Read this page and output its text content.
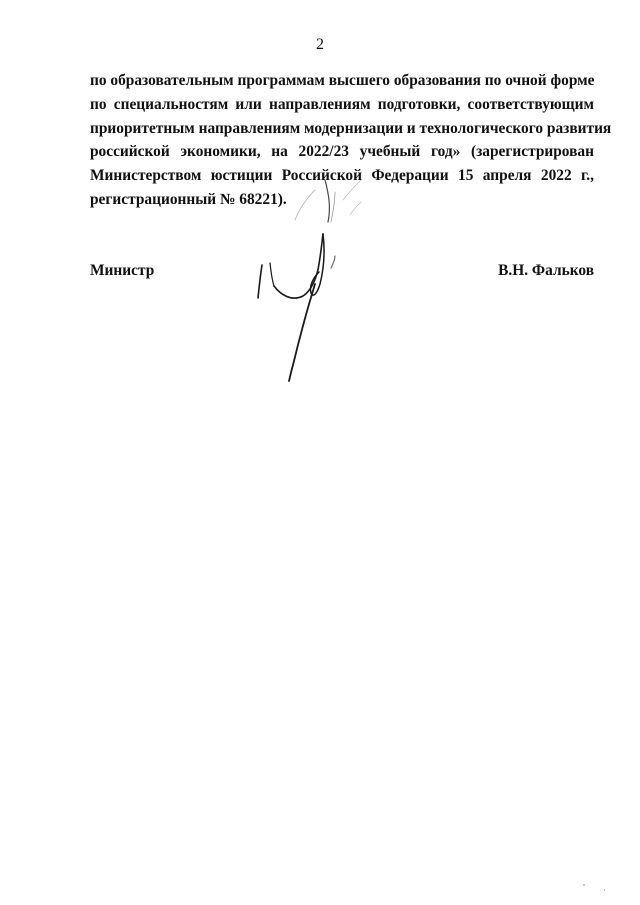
2
по образовательным программам высшего образования по очной форме
по специальностям или направлениям подготовки, соответствующим
приоритетным направлениям модернизации и технологического развития
российской экономики, на 2022/23 учебный год» (зарегистрирован
Министерством юстиции Российской Федерации 15 апреля 2022 г.,
регистрационный № 68221).
Министр	В.Н. Фальков
